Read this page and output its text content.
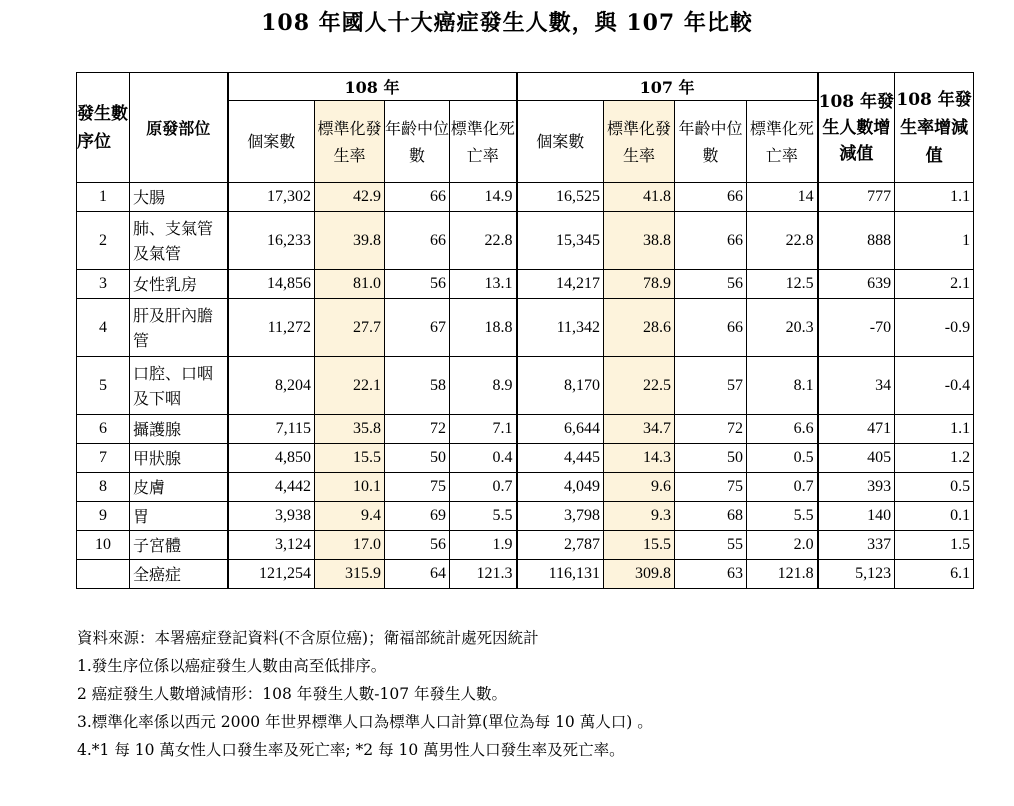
108 年國人十大癌症發生人數，與 107 年比較
發生數序位	原發部位	108 年				107 年				108 年發生人數增減值	108 年發生率增減值
		個案數	標準化發生率	年齡中位數	標準化死亡率	個案數	標準化發生率	年齡中位數	標準化死亡率		
1	大腸	17,302	42.9	66	14.9	16,525	41.8	66	14	777	1.1
2	肺、支氣管及氣管	16,233	39.8	66	22.8	15,345	38.8	66	22.8	888	1
3	女性乳房	14,856	81.0	56	13.1	14,217	78.9	56	12.5	639	2.1
4	肝及肝內膽管	11,272	27.7	67	18.8	11,342	28.6	66	20.3	-70	-0.9
5	口腔、口咽及下咽	8,204	22.1	58	8.9	8,170	22.5	57	8.1	34	-0.4
6	攝護腺	7,115	35.8	72	7.1	6,644	34.7	72	6.6	471	1.1
7	甲狀腺	4,850	15.5	50	0.4	4,445	14.3	50	0.5	405	1.2
8	皮膚	4,442	10.1	75	0.7	4,049	9.6	75	0.7	393	0.5
9	胃	3,938	9.4	69	5.5	3,798	9.3	68	5.5	140	0.1
10	子宮體	3,124	17.0	56	1.9	2,787	15.5	55	2.0	337	1.5
	全癌症	121,254	315.9	64	121.3	116,131	309.8	63	121.8	5,123	6.1
資料來源：本署癌症登記資料(不含原位癌)；衛福部統計處死因統計
1.發生序位係以癌症發生人數由高至低排序。
2 癌症發生人數增減情形：108 年發生人數-107 年發生人數。
3.標準化率係以西元 2000 年世界標準人口為標準人口計算(單位為每 10 萬人口) 。
4.*1 每 10 萬女性人口發生率及死亡率; *2 每 10 萬男性人口發生率及死亡率。
